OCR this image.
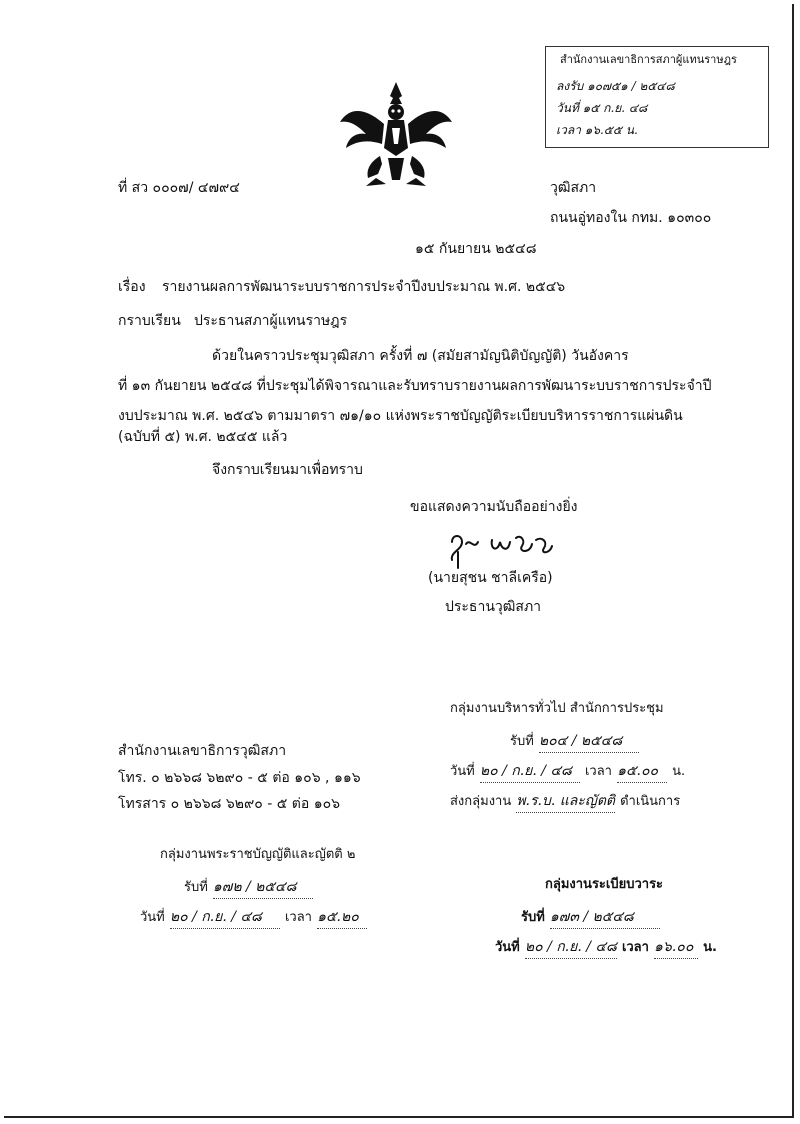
สำนักงานเลขาธิการสภาผู้แทนราษฎร
ลงรับ ๑๐๗๕๑ / ๒๕๔๘
วันที่ ๑๕ ก.ย. ๔๘
เวลา ๑๖.๕๕ น.
ที่ สว ๐๐๐๗/ ๔๗๙๔	วุฒิสภา
ถนนอู่ทองใน กทม. ๑๐๓๐๐
๑๕ กันยายน ๒๕๔๘
เรื่อง รายงานผลการพัฒนาระบบราชการประจำปีงบประมาณ พ.ศ. ๒๕๔๖
กราบเรียน ประธานสภาผู้แทนราษฎร
ด้วยในคราวประชุมวุฒิสภา ครั้งที่ ๗ (สมัยสามัญนิติบัญญัติ) วันอังคาร
ที่ ๑๓ กันยายน ๒๕๔๘ ที่ประชุมได้พิจารณาและรับทราบรายงานผลการพัฒนาระบบราชการประจำปี
งบประมาณ พ.ศ. ๒๕๔๖ ตามมาตรา ๗๑/๑๐ แห่งพระราชบัญญัติระเบียบบริหารราชการแผ่นดิน
(ฉบับที่ ๕) พ.ศ. ๒๕๔๕ แล้ว
จึงกราบเรียนมาเพื่อทราบ
ขอแสดงความนับถืออย่างยิ่ง
(นายสุชน ชาลีเครือ)
ประธานวุฒิสภา
สำนักงานเลขาธิการวุฒิสภา
โทร. ๐ ๒๖๖๘ ๖๒๙๐ - ๕ ต่อ ๑๐๖ , ๑๑๖
โทรสาร ๐ ๒๖๖๘ ๖๒๙๐ - ๕ ต่อ ๑๐๖
กลุ่มงานบริหารทั่วไป สำนักการประชุม
รับที่ ๒๐๔ / ๒๕๔๘
วันที่ ๒๐ / ก.ย. / ๔๘ เวลา ๑๕.๐๐ น.
ส่งกลุ่มงาน พ.ร.บ. และญัตติ ดำเนินการ
กลุ่มงานพระราชบัญญัติและญัตติ ๒
รับที่ ๑๗๒ / ๒๕๔๘
วันที่ ๒๐ / ก.ย. / ๔๘ เวลา ๑๕.๒๐
กลุ่มงานระเบียบวาระ
รับที่ ๑๗๓ / ๒๕๔๘
วันที่ ๒๐ / ก.ย. / ๔๘ เวลา ๑๖.๐๐ น.
